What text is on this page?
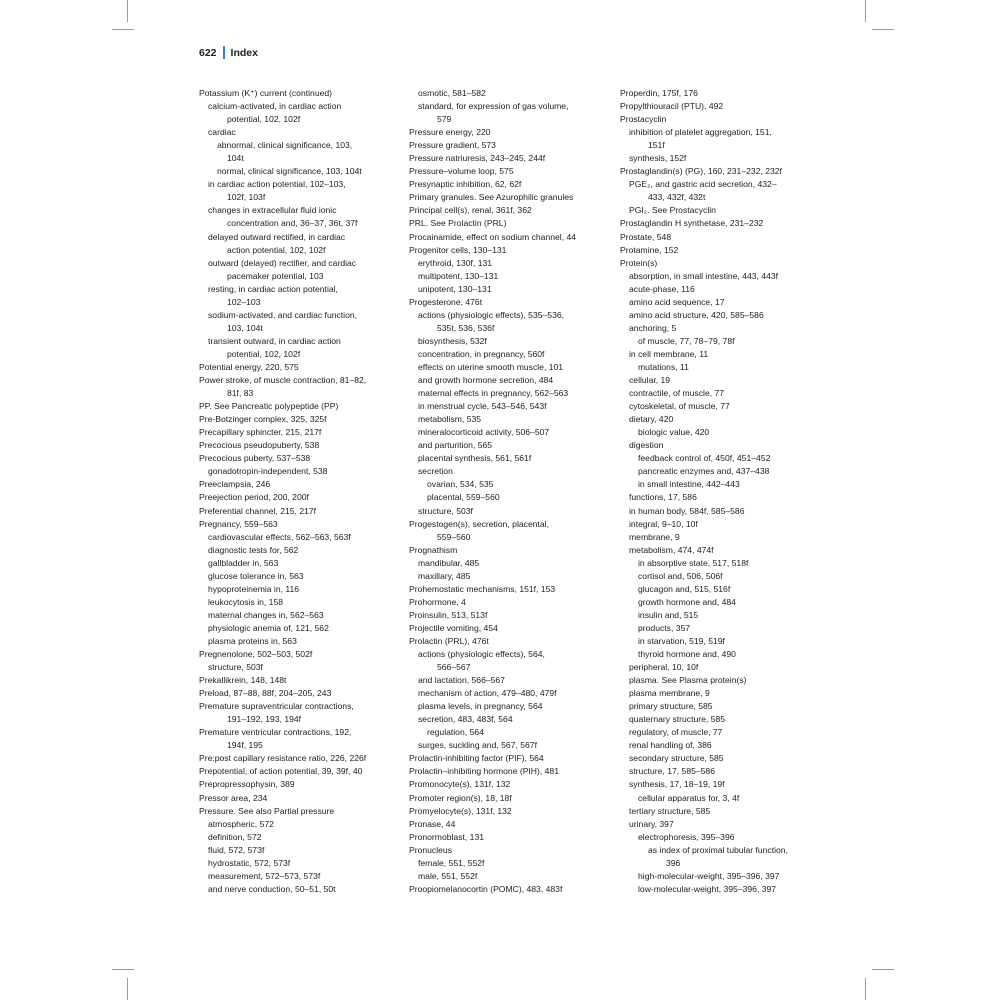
622 Index
Potassium (K⁺) current (continued)
calcium-activated, in cardiac action
potential, 102, 102f
cardiac
abnormal, clinical significance, 103,
104t
normal, clinical significance, 103, 104t
in cardiac action potential, 102–103,
102f, 103f
changes in extracellular fluid ionic
concentration and, 36–37, 36t, 37f
delayed outward rectified, in cardiac
action potential, 102, 102f
outward (delayed) rectifier, and cardiac
pacemaker potential, 103
resting, in cardiac action potential,
102–103
sodium-activated, and cardiac function,
103, 104t
transient outward, in cardiac action
potential, 102, 102f
Potential energy, 220, 575
Power stroke, of muscle contraction, 81–82,
81f, 83
PP. See Pancreatic polypeptide (PP)
Pre-Botzinger complex, 325, 325f
Precapillary sphincter, 215, 217f
Precocious pseudopuberty, 538
Precocious puberty, 537–538
gonadotropin-independent, 538
Preeclampsia, 246
Preejection period, 200, 200f
Preferential channel, 215, 217f
Pregnancy, 559–563
cardiovascular effects, 562–563, 563f
diagnostic tests for, 562
gallbladder in, 563
glucose tolerance in, 563
hypoproteinemia in, 116
leukocytosis in, 158
maternal changes in, 562–563
physiologic anemia of, 121, 562
plasma proteins in, 563
Pregnenolone, 502–503, 502f
structure, 503f
Prekallikrein, 148, 148t
Preload, 87–88, 88f, 204–205, 243
Premature supraventricular contractions,
191–192, 193, 194f
Premature ventricular contractions, 192,
194f, 195
Pre:post capillary resistance ratio, 226, 226f
Prepotential, of action potential, 39, 39f, 40
Prepropressophysin, 389
Pressor area, 234
Pressure. See also Partial pressure
atmospheric, 572
definition, 572
fluid, 572, 573f
hydrostatic, 572, 573f
measurement, 572–573, 573f
and nerve conduction, 50–51, 50t
osmotic, 581–582
standard, for expression of gas volume,
579
Pressure energy, 220
Pressure gradient, 573
Pressure natriuresis, 243–245, 244f
Pressure–volume loop, 575
Presynaptic inhibition, 62, 62f
Primary granules. See Azurophilic granules
Principal cell(s), renal, 361f, 362
PRL. See Prolactin (PRL)
Procainamide, effect on sodium channel, 44
Progenitor cells, 130–131
erythroid, 130f, 131
multipotent, 130–131
unipotent, 130–131
Progesterone, 476t
actions (physiologic effects), 535–536,
535t, 536, 536f
biosynthesis, 532f
concentration, in pregnancy, 560f
effects on uterine smooth muscle, 101
and growth hormone secretion, 484
maternal effects in pregnancy, 562–563
in menstrual cycle, 543–546, 543f
metabolism, 535
mineralocorticoid activity, 506–507
and parturition, 565
placental synthesis, 561, 561f
secretion
ovarian, 534, 535
placental, 559–560
structure, 503f
Progestogen(s), secretion, placental,
559–560
Prognathism
mandibular, 485
maxillary, 485
Prohemostatic mechanisms, 151f, 153
Prohormone, 4
Proinsulin, 513, 513f
Projectile vomiting, 454
Prolactin (PRL), 476t
actions (physiologic effects), 564,
566–567
and lactation, 566–567
mechanism of action, 479–480, 479f
plasma levels, in pregnancy, 564
secretion, 483, 483f, 564
regulation, 564
surges, suckling and, 567, 567f
Prolactin-inhibiting factor (PIF), 564
Prolactin–inhibiting hormone (PIH), 481
Promonocyte(s), 131f, 132
Promoter region(s), 18, 18f
Promyelocyte(s), 131f, 132
Pronase, 44
Pronormoblast, 131
Pronucleus
female, 551, 552f
male, 551, 552f
Proopiomelanocortin (POMC), 483, 483f
Properdin, 175f, 176
Propylthiouracil (PTU), 492
Prostacyclin
inhibition of platelet aggregation, 151,
151f
synthesis, 152f
Prostaglandin(s) (PG), 160, 231–232, 232f
PGE₂, and gastric acid secretion, 432–
433, 432f, 432t
PGI₂. See Prostacyclin
Prostaglandin H synthetase, 231–232
Prostate, 548
Protamine, 152
Protein(s)
absorption, in small intestine, 443, 443f
acute-phase, 116
amino acid sequence, 17
amino acid structure, 420, 585–586
anchoring, 5
of muscle, 77, 78–79, 78f
in cell membrane, 11
mutations, 11
cellular, 19
contractile, of muscle, 77
cytoskeletal, of muscle, 77
dietary, 420
biologic value, 420
digestion
feedback control of, 450f, 451–452
pancreatic enzymes and, 437–438
in small intestine, 442–443
functions, 17, 586
in human body, 584f, 585–586
integral, 9–10, 10f
membrane, 9
metabolism, 474, 474f
in absorptive state, 517, 518f
cortisol and, 506, 506f
glucagon and, 515, 516f
growth hormone and, 484
insulin and, 515
products, 357
in starvation, 519, 519f
thyroid hormone and, 490
peripheral, 10, 10f
plasma. See Plasma protein(s)
plasma membrane, 9
primary structure, 585
quaternary structure, 585
regulatory, of muscle, 77
renal handling of, 386
secondary structure, 585
structure, 17, 585–586
synthesis, 17, 18–19, 19f
cellular apparatus for, 3, 4f
tertiary structure, 585
urinary, 397
electrophoresis, 395–396
as index of proximal tubular function,
396
high-molecular-weight, 395–396, 397
low-molecular-weight, 395–396, 397
